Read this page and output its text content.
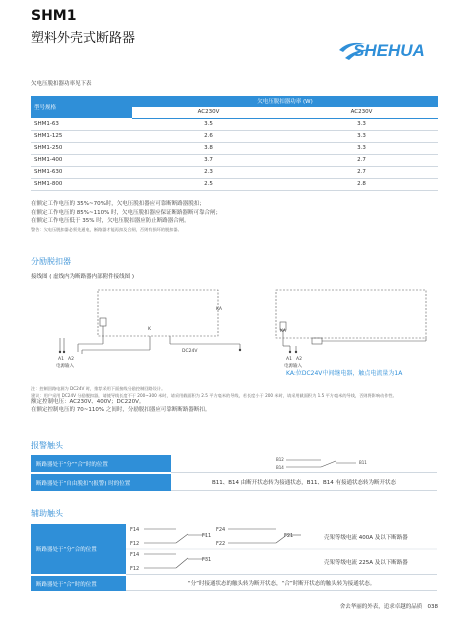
SHM1
塑料外壳式断路器
SHEHUA
欠电压脱扣器功率见下表
型号规格	欠电压脱扣器功率 (W)	
	AC230V	AC230V
SHM1-63	3.5	3.3
SHM1-125	2.6	3.3
SHM1-250	3.8	3.3
SHM1-400	3.7	2.7
SHM1-630	2.3	2.7
SHM1-800	2.5	2.8
在额定工作电压的 35%~70%时，欠电压脱扣器应可靠断断路器脱扣；
在额定工作电压的 85%~110% 时，欠电压脱扣器应保证断路器断可靠合闸；
在额定工作电压低于 35% 时，欠电压脱扣器应防止断路器合闸。
警告：欠电压脱扣器必须先通电，断路器才能再扣及合闸，否则有损坏的脱扣器。
分励脱扣器
接线图 ( 虚线内为断路器内部附件接线图 )
KA
K
A1 A2
电源输入
DC24V
KA
A1 A2
电源输入
KA:位DC24V中间继电器，触点电流量为1A
注：控制回路电源为 DC24V 时，推荐采用下面接线分励控制回路设计。
建议：用户采用 DC24V 分励脱扣器，请使导线长度不于 200~300 米时，请采用截面积为 2.5 平方毫米的导线，若长度小于 200 米时，请采用截面积为 1.5 平方毫米的导线，否则将影响动作性。
额定控制电压：AC230V、400V；DC220V。
在额定控制电压的 70~110% 之间时，分励脱扣器应可靠断断路器断扣。
报警触头
断路器处于“分”“合”时的位置
B12
B11
B14
断路器处于“自由脱扣”(报警) 时的位置	B11、B14 由断开状态转为接通状态，B11、B14 有接通状态转为断开状态
辅助触头
断路器处于“分”合的位置
F14
F11
F12
F24
F21
F22
F14
F31
F12
壳架等级电流 400A 及以下断路器
壳架等级电流 225A 及以下断路器
断路器处于“合”时的位置	“分”时接通状态的触头转为断开状态，“合”时断开状态的触头转为接通状态。
舍去华丽的外表，追求卓越的品质 038
